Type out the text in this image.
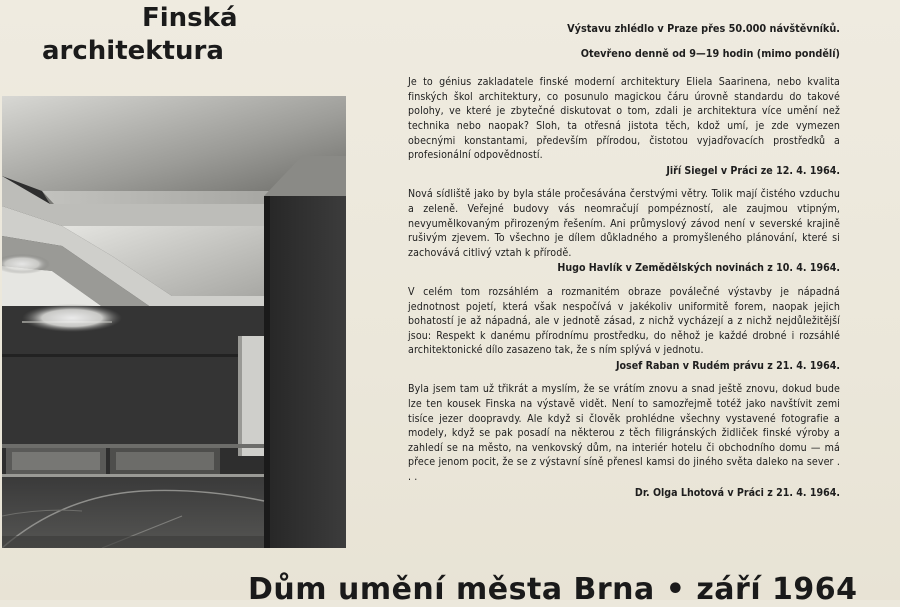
Finská
architektura

Výstavu zhlédlo v Praze přes 50.000 návštěvníků.

Otevřeno denně od 9—19 hodin (mimo pondělí)

Je to génius zakladatele finské moderní architektury Eliela Saarinena, nebo kvalita finských škol architektury, co posunulo magickou čáru úrovně standardu do takové polohy, ve které je zbytečné diskutovat o tom, zdali je architektura více umění než technika nebo naopak? Sloh, ta otřesná jistota těch, kdož umí, je zde vymezen obecnými konstantami, především přírodou, čistotou vyjadřovacích prostředků a profesionální odpovědností.

Jiří Siegel v Práci ze 12. 4. 1964.

Nová sídliště jako by byla stále pročesávána čerstvými větry. Tolik mají čistého vzduchu a zeleně. Veřejné budovy vás neomračují pompézností, ale zaujmou vtipným, nevyumělkovaným přirozeným řešením. Ani průmyslový závod není v severské krajině rušivým zjevem. To všechno je dílem důkladného a promyšleného plánování, které si zachovává citlivý vztah k přírodě.

Hugo Havlík v Zemědělských novinách z 10. 4. 1964.

V celém tom rozsáhlém a rozmanitém obraze poválečné výstavby je nápadná jednotnost pojetí, která však nespočívá v jakékoliv uniformitě forem, naopak jejich bohatostí je až nápadná, ale v jednotě zásad, z nichž vycházejí a z nichž nejdůležitější jsou: Respekt k danému přírodnímu prostředku, do něhož je každé drobné i rozsáhlé architektonické dílo zasazeno tak, že s ním splývá v jednotu.

Josef Raban v Rudém právu z 21. 4. 1964.

Byla jsem tam už třikrát a myslím, že se vrátím znovu a snad ještě znovu, dokud bude lze ten kousek Finska na výstavě vidět. Není to samozřejmě totéž jako navštívit zemi tisíce jezer doopravdy. Ale když si člověk prohlédne všechny vystavené fotografie a modely, když se pak posadí na některou z těch filigránských židliček finské výroby a zahledí se na město, na venkovský dům, na interiér hotelu či obchodního domu — má přece jenom pocit, že se z výstavní síně přenesl kamsi do jiného světa daleko na sever . . .

Dr. Olga Lhotová v Práci z 21. 4. 1964.

Dům umění města Brna • září 1964
